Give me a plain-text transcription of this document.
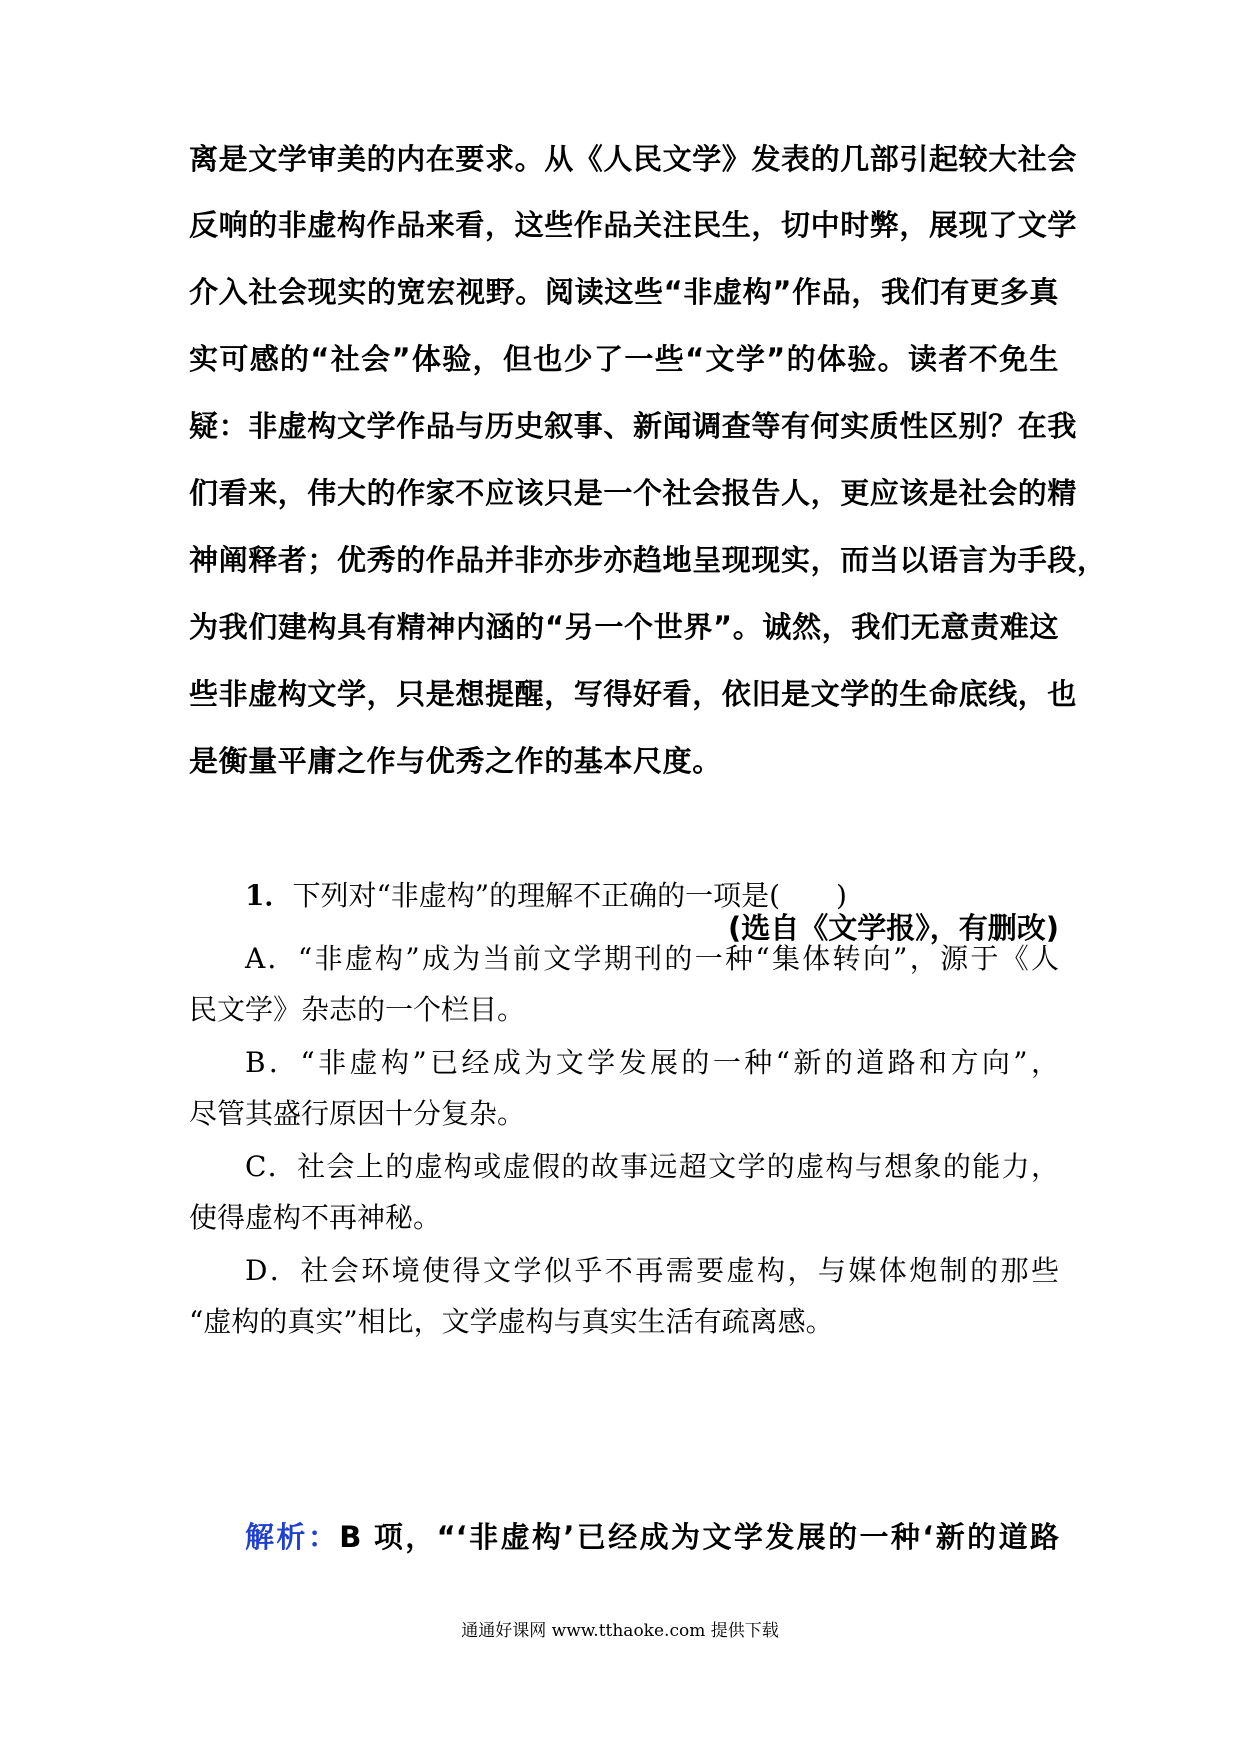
离是文学审美的内在要求。从《人民文学》发表的几部引起较大社会
反响的非虚构作品来看，这些作品关注民生，切中时弊，展现了文学
介入社会现实的宽宏视野。阅读这些“非虚构”作品，我们有更多真
实可感的“社会”体验，但也少了一些“文学”的体验。读者不免生
疑：非虚构文学作品与历史叙事、新闻调查等有何实质性区别？在我
们看来，伟大的作家不应该只是一个社会报告人，更应该是社会的精
神阐释者；优秀的作品并非亦步亦趋地呈现现实，而当以语言为手段，
为我们建构具有精神内涵的“另一个世界”。诚然，我们无意责难这
些非虚构文学，只是想提醒，写得好看，依旧是文学的生命底线，也
是衡量平庸之作与优秀之作的基本尺度。
(选自《文学报》，有删改)
1．下列对“非虚构”的理解不正确的一项是( )
A．“非虚构”成为当前文学期刊的一种“集体转向”，源于《人
民文学》杂志的一个栏目。
B．“非虚构”已经成为文学发展的一种“新的道路和方向”，
尽管其盛行原因十分复杂。
C．社会上的虚构或虚假的故事远超文学的虚构与想象的能力，
使得虚构不再神秘。
D．社会环境使得文学似乎不再需要虚构，与媒体炮制的那些
“虚构的真实”相比，文学虚构与真实生活有疏离感。
解析：B 项，“‘非虚构’已经成为文学发展的一种‘新的道路
通通好课网 www.tthaoke.com 提供下载
